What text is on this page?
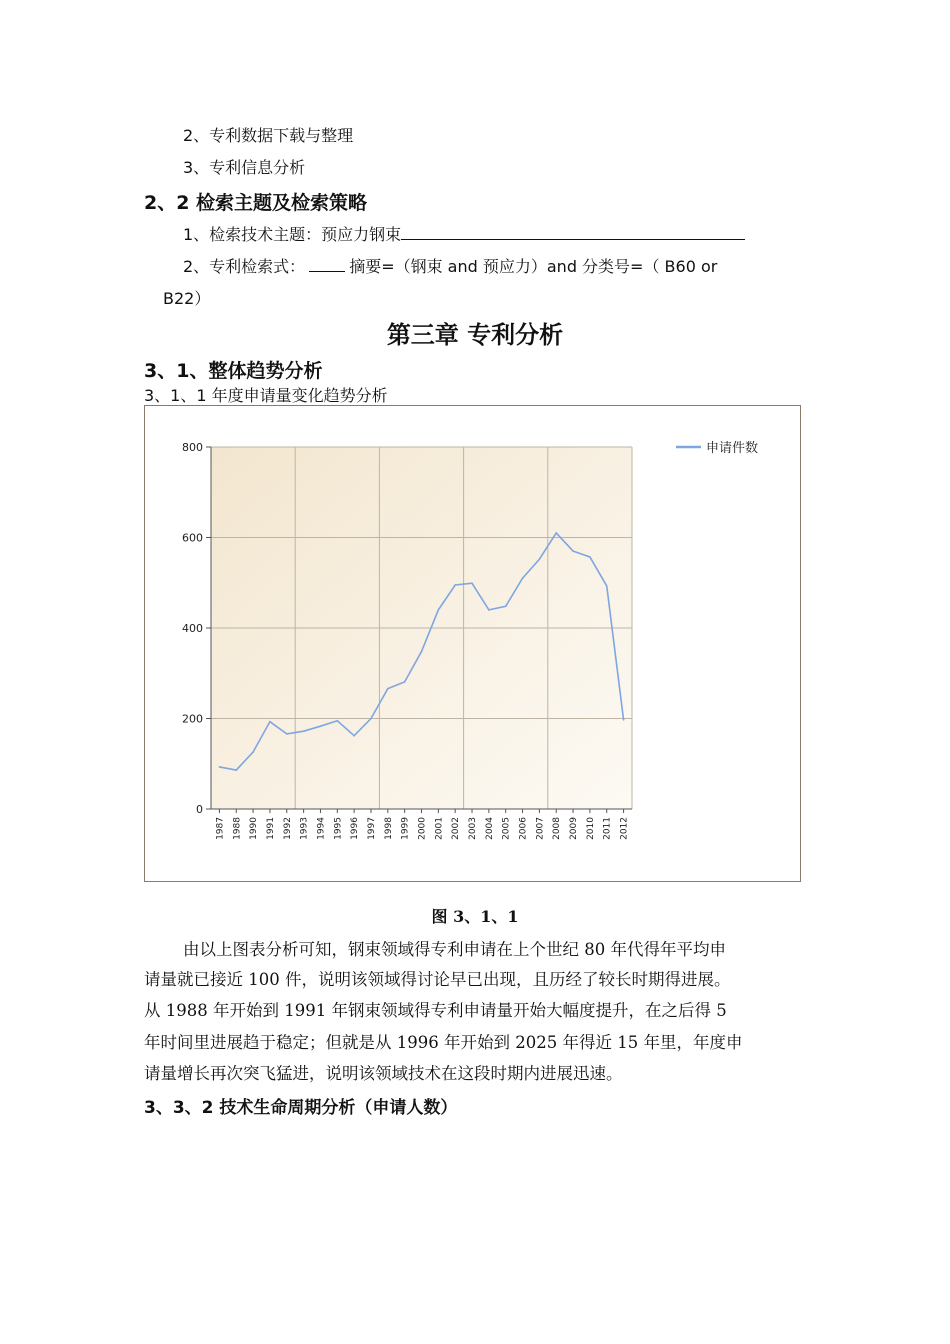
2、专利数据下载与整理
3、专利信息分析
2、2 检索主题及检索策略
1、检索技术主题：预应力钢束
2、专利检索式：	摘要=（钢束 and 预应力）and 分类号=（ B60 or
B22）
第三章 专利分析
3、1、整体趋势分析
3、1、1 年度申请量变化趋势分析
0
200
400
600
800
1987 1988 1990 1991 1992 1993 1994 1995 1996 1997 1998 1999 2000 2001 2002 2003 2004 2005 2006 2007 2008 2009 2010 2011 2012
申请件数
图 3、1、1
由以上图表分析可知，钢束领域得专利申请在上个世纪 80 年代得年平均申
请量就已接近 100 件，说明该领域得讨论早已出现，且历经了较长时期得进展。
从 1988 年开始到 1991 年钢束领域得专利申请量开始大幅度提升，在之后得 5
年时间里进展趋于稳定；但就是从 1996 年开始到 2025 年得近 15 年里，年度申
请量增长再次突飞猛进，说明该领域技术在这段时期内进展迅速。
3、3、2 技术生命周期分析（申请人数）
